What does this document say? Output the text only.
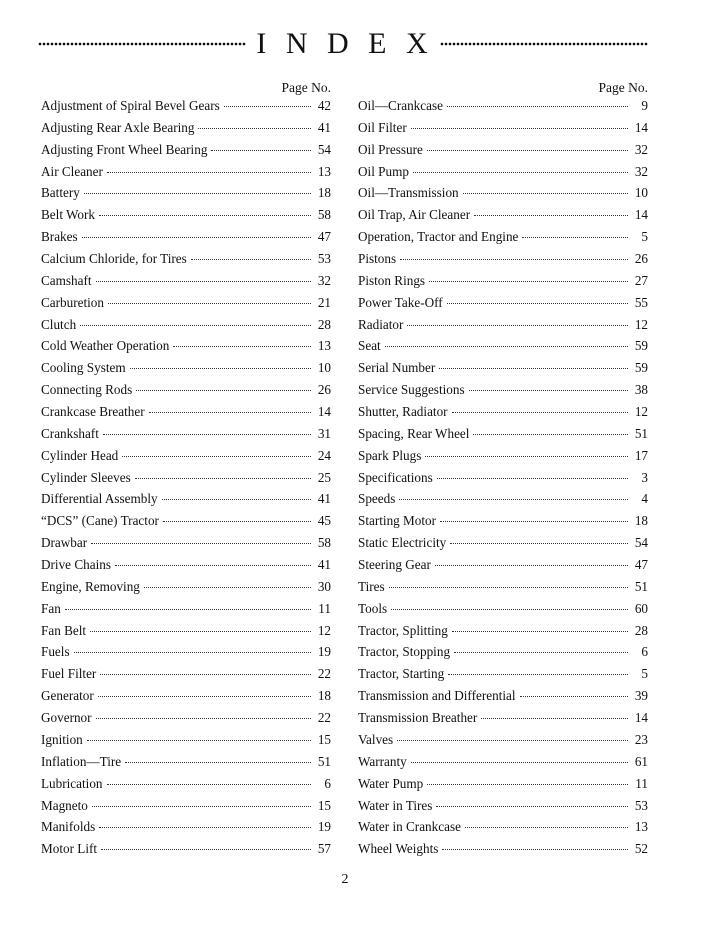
I N D E X
Page No.
Adjustment of Spiral Bevel Gears	42
Adjusting Rear Axle Bearing	41
Adjusting Front Wheel Bearing	54
Air Cleaner	13
Battery	18
Belt Work	58
Brakes	47
Calcium Chloride, for Tires	53
Camshaft	32
Carburetion	21
Clutch	28
Cold Weather Operation	13
Cooling System	10
Connecting Rods	26
Crankcase Breather	14
Crankshaft	31
Cylinder Head	24
Cylinder Sleeves	25
Differential Assembly	41
“DCS” (Cane) Tractor	45
Drawbar	58
Drive Chains	41
Engine, Removing	30
Fan	11
Fan Belt	12
Fuels	19
Fuel Filter	22
Generator	18
Governor	22
Ignition	15
Inflation—Tire	51
Lubrication	6
Magneto	15
Manifolds	19
Motor Lift	57
Page No.
Oil—Crankcase	9
Oil Filter	14
Oil Pressure	32
Oil Pump	32
Oil—Transmission	10
Oil Trap, Air Cleaner	14
Operation, Tractor and Engine	5
Pistons	26
Piston Rings	27
Power Take-Off	55
Radiator	12
Seat	59
Serial Number	59
Service Suggestions	38
Shutter, Radiator	12
Spacing, Rear Wheel	51
Spark Plugs	17
Specifications	3
Speeds	4
Starting Motor	18
Static Electricity	54
Steering Gear	47
Tires	51
Tools	60
Tractor, Splitting	28
Tractor, Stopping	6
Tractor, Starting	5
Transmission and Differential	39
Transmission Breather	14
Valves	23
Warranty	61
Water Pump	11
Water in Tires	53
Water in Crankcase	13
Wheel Weights	52
2
